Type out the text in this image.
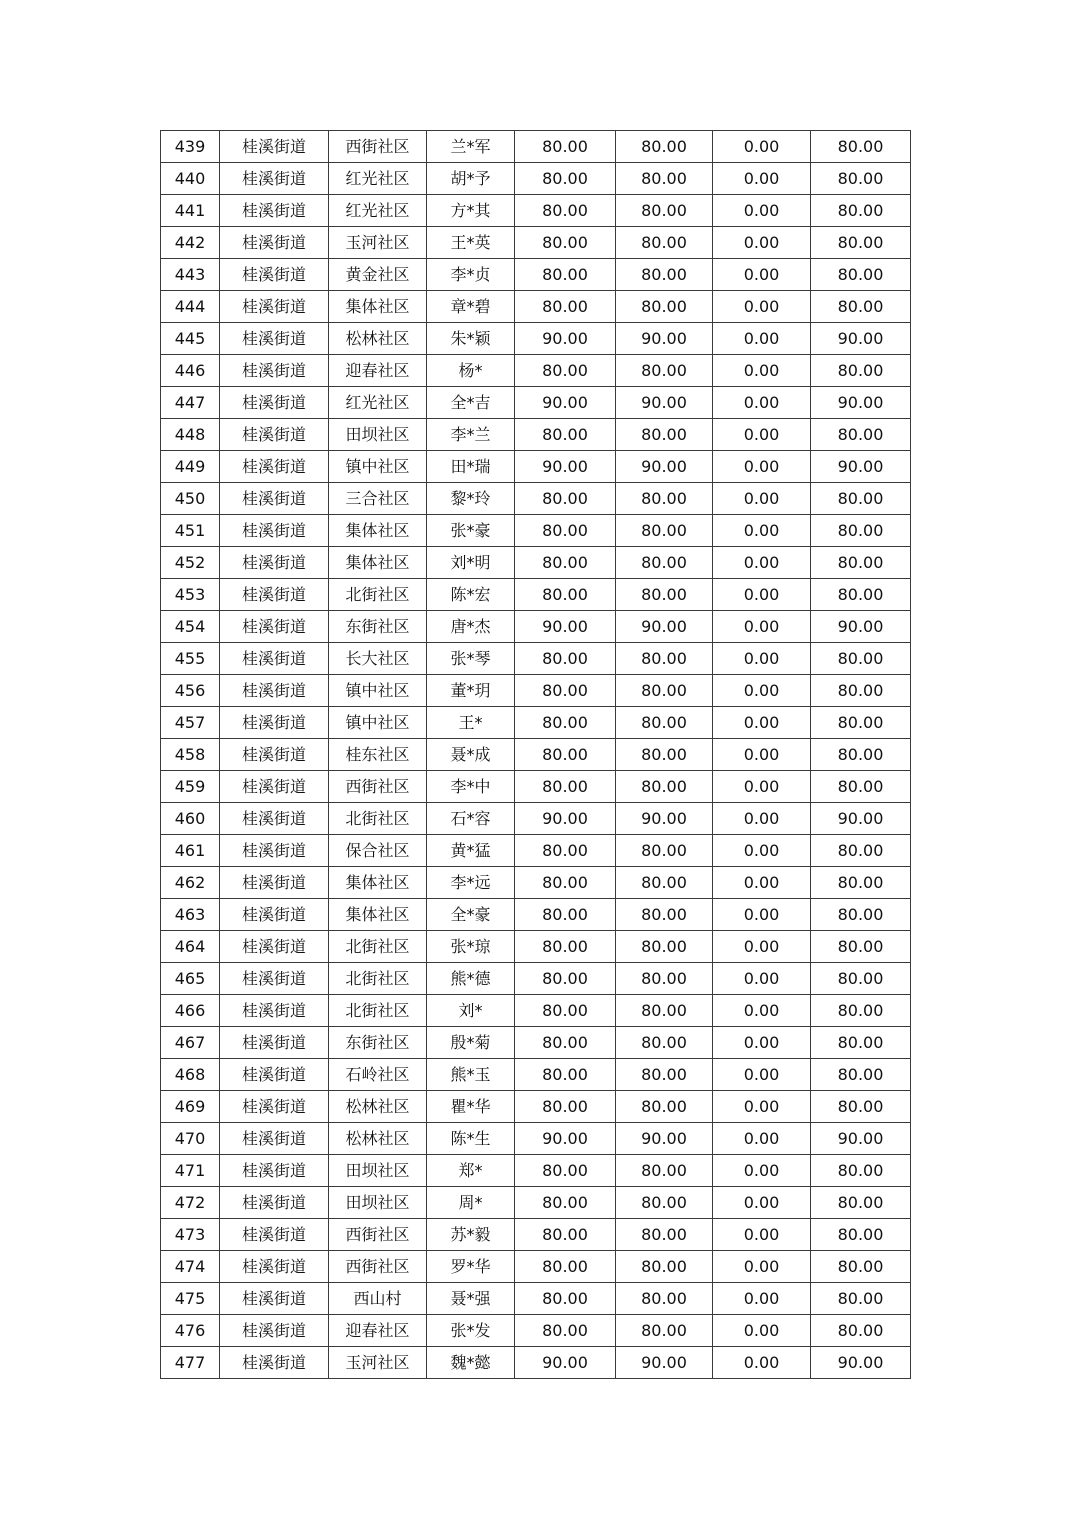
439	桂溪街道	西街社区	兰*军	80.00	80.00	0.00	80.00
440	桂溪街道	红光社区	胡*予	80.00	80.00	0.00	80.00
441	桂溪街道	红光社区	方*其	80.00	80.00	0.00	80.00
442	桂溪街道	玉河社区	王*英	80.00	80.00	0.00	80.00
443	桂溪街道	黄金社区	李*贞	80.00	80.00	0.00	80.00
444	桂溪街道	集体社区	章*碧	80.00	80.00	0.00	80.00
445	桂溪街道	松林社区	朱*颖	90.00	90.00	0.00	90.00
446	桂溪街道	迎春社区	杨*	80.00	80.00	0.00	80.00
447	桂溪街道	红光社区	全*吉	90.00	90.00	0.00	90.00
448	桂溪街道	田坝社区	李*兰	80.00	80.00	0.00	80.00
449	桂溪街道	镇中社区	田*瑞	90.00	90.00	0.00	90.00
450	桂溪街道	三合社区	黎*玲	80.00	80.00	0.00	80.00
451	桂溪街道	集体社区	张*豪	80.00	80.00	0.00	80.00
452	桂溪街道	集体社区	刘*明	80.00	80.00	0.00	80.00
453	桂溪街道	北街社区	陈*宏	80.00	80.00	0.00	80.00
454	桂溪街道	东街社区	唐*杰	90.00	90.00	0.00	90.00
455	桂溪街道	长大社区	张*琴	80.00	80.00	0.00	80.00
456	桂溪街道	镇中社区	董*玥	80.00	80.00	0.00	80.00
457	桂溪街道	镇中社区	王*	80.00	80.00	0.00	80.00
458	桂溪街道	桂东社区	聂*成	80.00	80.00	0.00	80.00
459	桂溪街道	西街社区	李*中	80.00	80.00	0.00	80.00
460	桂溪街道	北街社区	石*容	90.00	90.00	0.00	90.00
461	桂溪街道	保合社区	黄*猛	80.00	80.00	0.00	80.00
462	桂溪街道	集体社区	李*远	80.00	80.00	0.00	80.00
463	桂溪街道	集体社区	全*豪	80.00	80.00	0.00	80.00
464	桂溪街道	北街社区	张*琼	80.00	80.00	0.00	80.00
465	桂溪街道	北街社区	熊*德	80.00	80.00	0.00	80.00
466	桂溪街道	北街社区	刘*	80.00	80.00	0.00	80.00
467	桂溪街道	东街社区	殷*菊	80.00	80.00	0.00	80.00
468	桂溪街道	石岭社区	熊*玉	80.00	80.00	0.00	80.00
469	桂溪街道	松林社区	瞿*华	80.00	80.00	0.00	80.00
470	桂溪街道	松林社区	陈*生	90.00	90.00	0.00	90.00
471	桂溪街道	田坝社区	郑*	80.00	80.00	0.00	80.00
472	桂溪街道	田坝社区	周*	80.00	80.00	0.00	80.00
473	桂溪街道	西街社区	苏*毅	80.00	80.00	0.00	80.00
474	桂溪街道	西街社区	罗*华	80.00	80.00	0.00	80.00
475	桂溪街道	西山村	聂*强	80.00	80.00	0.00	80.00
476	桂溪街道	迎春社区	张*发	80.00	80.00	0.00	80.00
477	桂溪街道	玉河社区	魏*懿	90.00	90.00	0.00	90.00
